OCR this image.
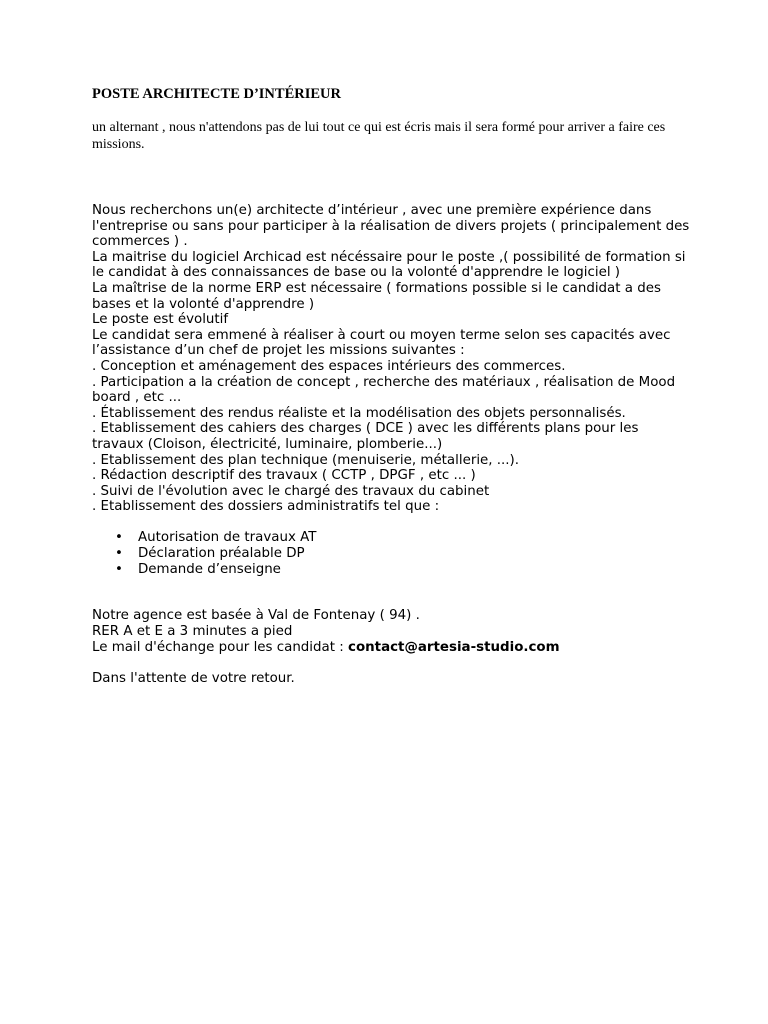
POSTE ARCHITECTE D’INTÉRIEUR

un alternant , nous n'attendons pas de lui tout ce qui est écris mais il sera formé pour arriver a faire ces missions.

Nous recherchons un(e) architecte d’intérieur , avec une première expérience dans l'entreprise ou sans pour participer à la réalisation de divers projets ( principalement des commerces ) .

La maitrise du logiciel Archicad est nécéssaire pour le poste ,( possibilité de formation si le candidat à des connaissances de base ou la volonté d'apprendre le logiciel )

La maîtrise de la norme ERP est nécessaire ( formations possible si le candidat a des bases et la volonté d'apprendre )

Le poste est évolutif

Le candidat sera emmené à réaliser à court ou moyen terme selon ses capacités avec l’assistance d’un chef de projet les missions suivantes :

. Conception et aménagement des espaces intérieurs des commerces.

. Participation a la création de concept , recherche des matériaux , réalisation de Mood board , etc ...

. Établissement des rendus réaliste et la modélisation des objets personnalisés.

. Etablissement des cahiers des charges ( DCE ) avec les différents plans pour les travaux (Cloison, électricité, luminaire, plomberie...)

. Etablissement des plan technique (menuiserie, métallerie, ...).

. Rédaction descriptif des travaux ( CCTP , DPGF , etc ... )

. Suivi de l'évolution avec le chargé des travaux du cabinet

. Etablissement des dossiers administratifs tel que :

• Autorisation de travaux AT
• Déclaration préalable DP
• Demande d’enseigne

Notre agence est basée à Val de Fontenay ( 94) .

RER A et E a 3 minutes a pied

Le mail d'échange pour les candidat : contact@artesia-studio.com

Dans l'attente de votre retour.
